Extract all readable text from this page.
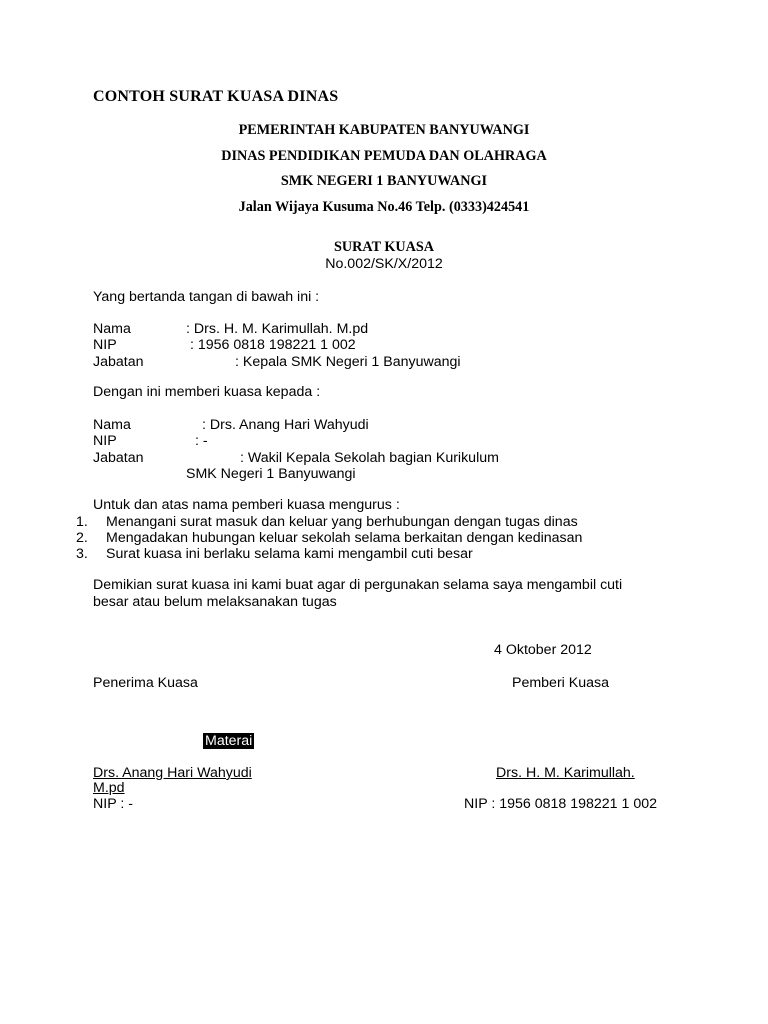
CONTOH SURAT KUASA DINAS
PEMERINTAH KABUPATEN BANYUWANGI
DINAS PENDIDIKAN PEMUDA DAN OLAHRAGA
SMK NEGERI 1 BANYUWANGI
Jalan Wijaya Kusuma No.46 Telp. (0333)424541
SURAT KUASA
No.002/SK/X/2012
Yang bertanda tangan di bawah ini :
Nama	: Drs. H. M. Karimullah. M.pd
NIP	: 1956 0818 198221 1 002
Jabatan	: Kepala SMK Negeri 1 Banyuwangi
Dengan ini memberi kuasa kepada :
Nama	: Drs. Anang Hari Wahyudi
NIP	: -
Jabatan	: Wakil Kepala Sekolah bagian Kurikulum
SMK Negeri 1 Banyuwangi
Untuk dan atas nama pemberi kuasa mengurus :
1. Menangani surat masuk dan keluar yang berhubungan dengan tugas dinas
2. Mengadakan hubungan keluar sekolah selama berkaitan dengan kedinasan
3. Surat kuasa ini berlaku selama kami mengambil cuti besar
Demikian surat kuasa ini kami buat agar di pergunakan selama saya mengambil cuti
besar atau belum melaksanakan tugas
4 Oktober 2012
Penerima Kuasa	Pemberi Kuasa
Materai
Drs. Anang Hari Wahyudi	Drs. H. M. Karimullah.
M.pd
NIP : -	NIP : 1956 0818 198221 1 002
